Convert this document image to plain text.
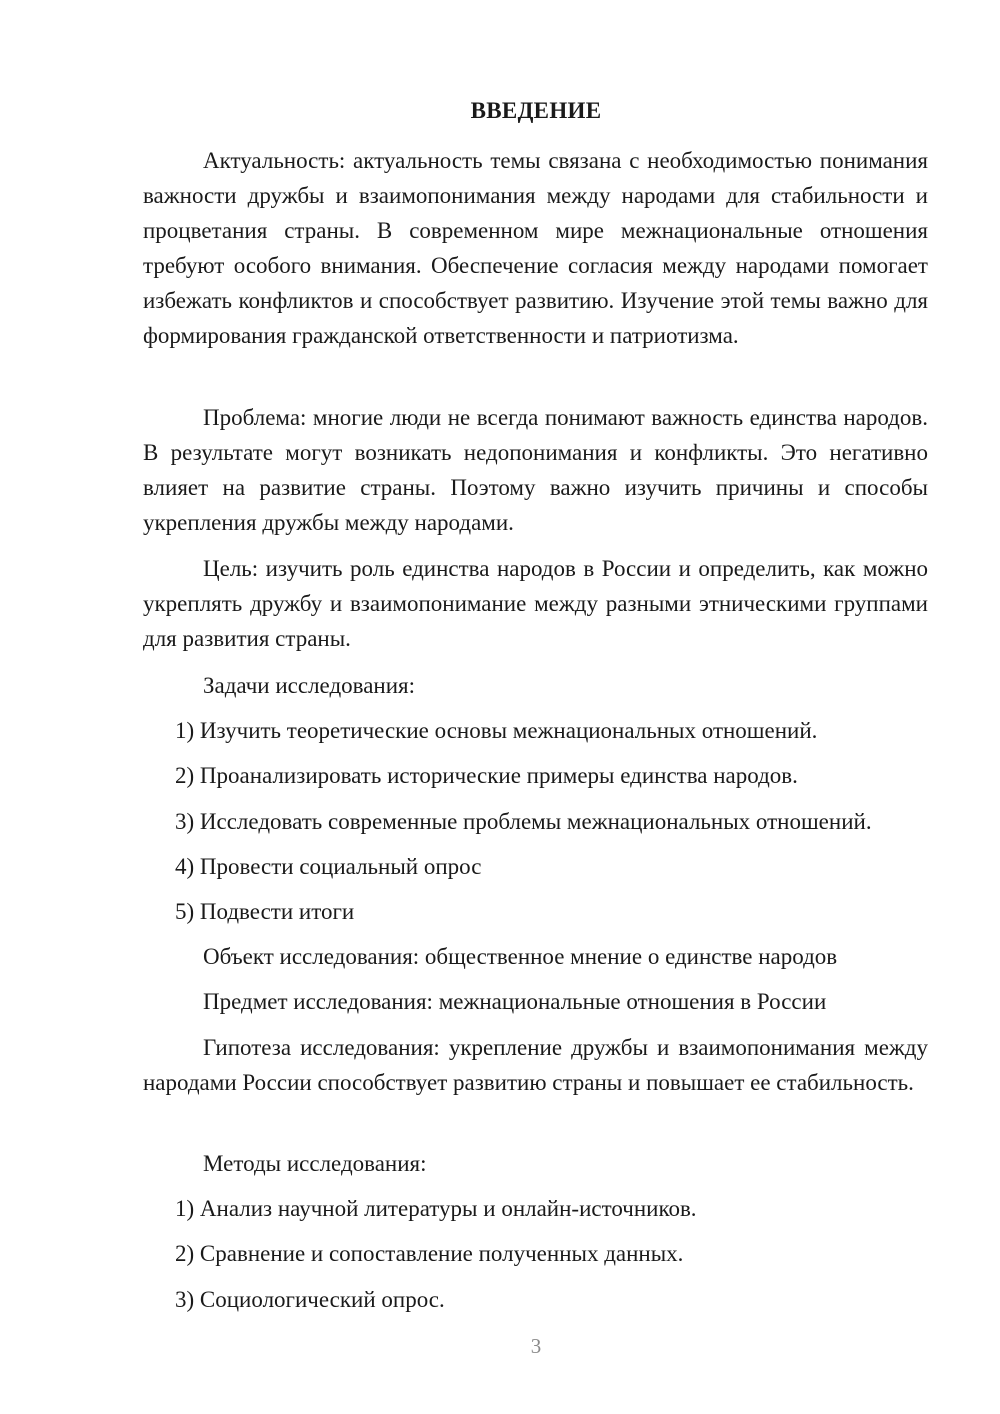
ВВЕДЕНИЕ
Актуальность: актуальность темы связана с необходимостью понимания важности дружбы и взаимопонимания между народами для стабильности и процветания страны. В современном мире межнациональные отношения требуют особого внимания. Обеспечение согласия между народами помогает избежать конфликтов и способствует развитию. Изучение этой темы важно для формирования гражданской ответственности и патриотизма.
Проблема: многие люди не всегда понимают важность единства народов. В результате могут возникать недопонимания и конфликты. Это негативно влияет на развитие страны. Поэтому важно изучить причины и способы укрепления дружбы между народами.
Цель: изучить роль единства народов в России и определить, как можно укреплять дружбу и взаимопонимание между разными этническими группами для развития страны.
Задачи исследования:
1) Изучить теоретические основы межнациональных отношений.
2) Проанализировать исторические примеры единства народов.
3) Исследовать современные проблемы межнациональных отношений.
4) Провести социальный опрос
5) Подвести итоги
Объект исследования: общественное мнение о единстве народов
Предмет исследования: межнациональные отношения в России
Гипотеза исследования: укрепление дружбы и взаимопонимания между народами России способствует развитию страны и повышает ее стабильность.
Методы исследования:
1) Анализ научной литературы и онлайн-источников.
2) Сравнение и сопоставление полученных данных.
3) Социологический опрос.
3
